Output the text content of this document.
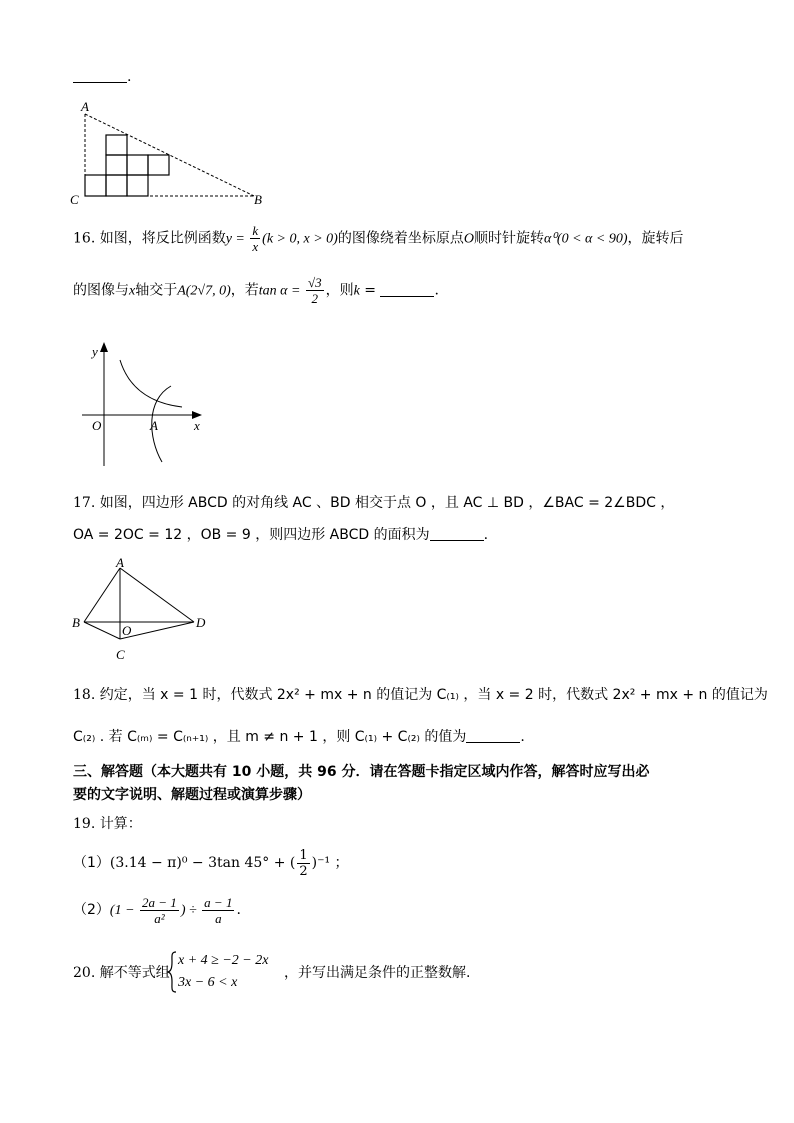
.
A
C	B
16. 如图，将反比例函数$y = \frac{k}{x} (k > 0$, x > 0)的图像绕着坐标原点O顺时针旋转α⁰(0 < α < 90)，旋转后
的图像与x轴交于A(2√7, 0)，若$\tan \alpha = \frac{√3}{2}$ ，则k =	.
y
x
O	A
17. 如图，四边形 ABCD 的对角线 AC 、BD 相交于点 O ，且 AC ⊥ BD ，∠BAC = 2∠BDC ，
OA = 2OC = 12 ，OB = 9 ，则四边形 ABCD 的面积为	.
A
B	D
C
O
18. 约定，当 x = 1 时，代数式 2x² + mx + n 的值记为 C₍₁₎ ，当 x = 2 时，代数式 2x² + mx + n 的值记为
C₍₂₎ . 若 C₍ₘ₎ = C₍ₙ₊₁₎ ，且 m ≠ n + 1 ，则 C₍₁₎ + C₍₂₎ 的值为	.
三、解答题（本大题共有 10 小题，共 96 分．请在答题卡指定区域内作答，解答时应写出必
要的文字说明、解题过程或演算步骤）
19. 计算：
（1）(3.14 − π)⁰ − 3tan 45° + ( $\frac{1}{2} )^{-1}$ ；
$(2)(1 - \frac{2a - 1}{\text{a²}}$ ) ÷ $\frac{a - 1}{a}$ .
20. 解不等式组
x + 4 ≥ −2 − 2x
3x − 6 < x
，并写出满足条件的正整数解.
